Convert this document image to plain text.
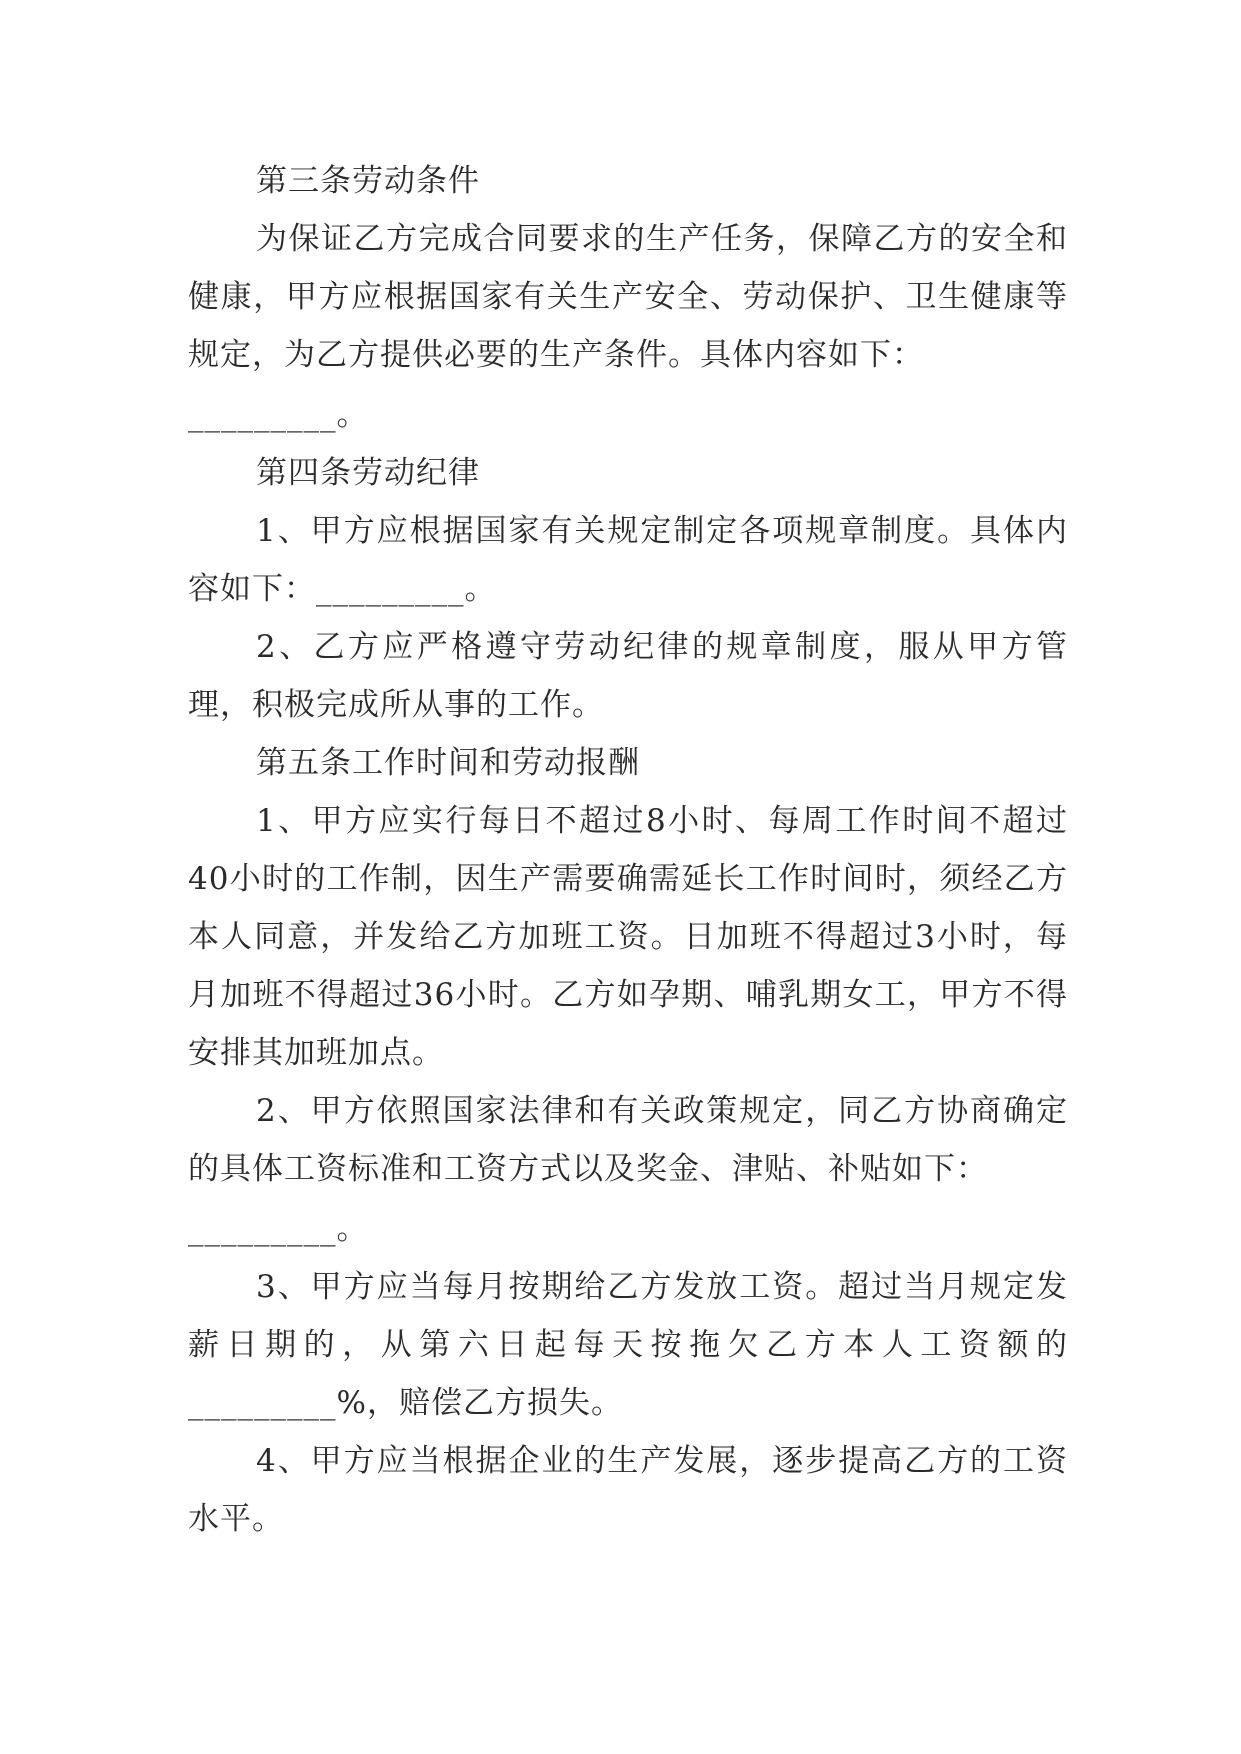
第三条劳动条件

为保证乙方完成合同要求的生产任务，保障乙方的安全和健康，甲方应根据国家有关生产安全、劳动保护、卫生健康等规定，为乙方提供必要的生产条件。具体内容如下：

_________。

第四条劳动纪律

1、甲方应根据国家有关规定制定各项规章制度。具体内容如下：_________。

2、乙方应严格遵守劳动纪律的规章制度，服从甲方管理，积极完成所从事的工作。

第五条工作时间和劳动报酬

1、甲方应实行每日不超过8小时、每周工作时间不超过40小时的工作制，因生产需要确需延长工作时间时，须经乙方本人同意，并发给乙方加班工资。日加班不得超过3小时，每月加班不得超过36小时。乙方如孕期、哺乳期女工，甲方不得安排其加班加点。

2、甲方依照国家法律和有关政策规定，同乙方协商确定的具体工资标准和工资方式以及奖金、津贴、补贴如下：

_________。

3、甲方应当每月按期给乙方发放工资。超过当月规定发薪日期的，从第六日起每天按拖欠乙方本人工资额的_________%，赔偿乙方损失。

4、甲方应当根据企业的生产发展，逐步提高乙方的工资水平。
